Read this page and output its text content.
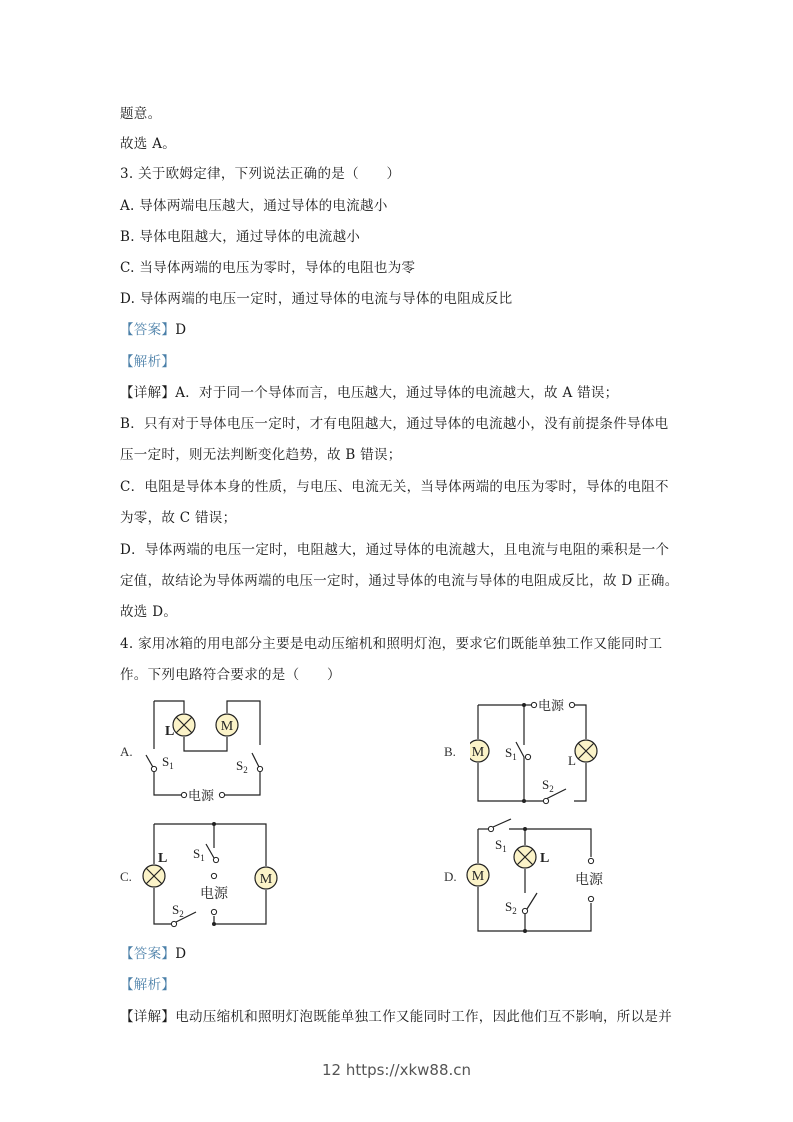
题意。
故选 A。
3. 关于欧姆定律，下列说法正确的是（　　）
A. 导体两端电压越大，通过导体的电流越小
B. 导体电阻越大，通过导体的电流越小
C. 当导体两端的电压为零时，导体的电阻也为零
D. 导体两端的电压一定时，通过导体的电流与导体的电阻成反比
【答案】D
【解析】
【详解】A．对于同一个导体而言，电压越大，通过导体的电流越大，故 A 错误；
B．只有对于导体电压一定时，才有电阻越大，通过导体的电流越小，没有前提条件导体电
压一定时，则无法判断变化趋势，故 B 错误；
C．电阻是导体本身的性质，与电压、电流无关，当导体两端的电压为零时，导体的电阻不
为零，故 C 错误；
D．导体两端的电压一定时，电阻越大，通过导体的电流越大，且电流与电阻的乘积是一个
定值，故结论为导体两端的电压一定时，通过导体的电流与导体的电阻成反比，故 D 正确。
故选 D。
4. 家用冰箱的用电部分主要是电动压缩机和照明灯泡，要求它们既能单独工作又能同时工
作。下列电路符合要求的是（　　）
A.
M
L
$S_1$	$S_2$
电源
B. M
电源
$S_1$	L
$S_2$
C.	M
L $S_1$
电源
$S_2$
D. M
L
$S_1$
电源
$S_2$
【答案】D
【解析】
【详解】电动压缩机和照明灯泡既能单独工作又能同时工作，因此他们互不影响，所以是并
12 https://xkw88.cn
